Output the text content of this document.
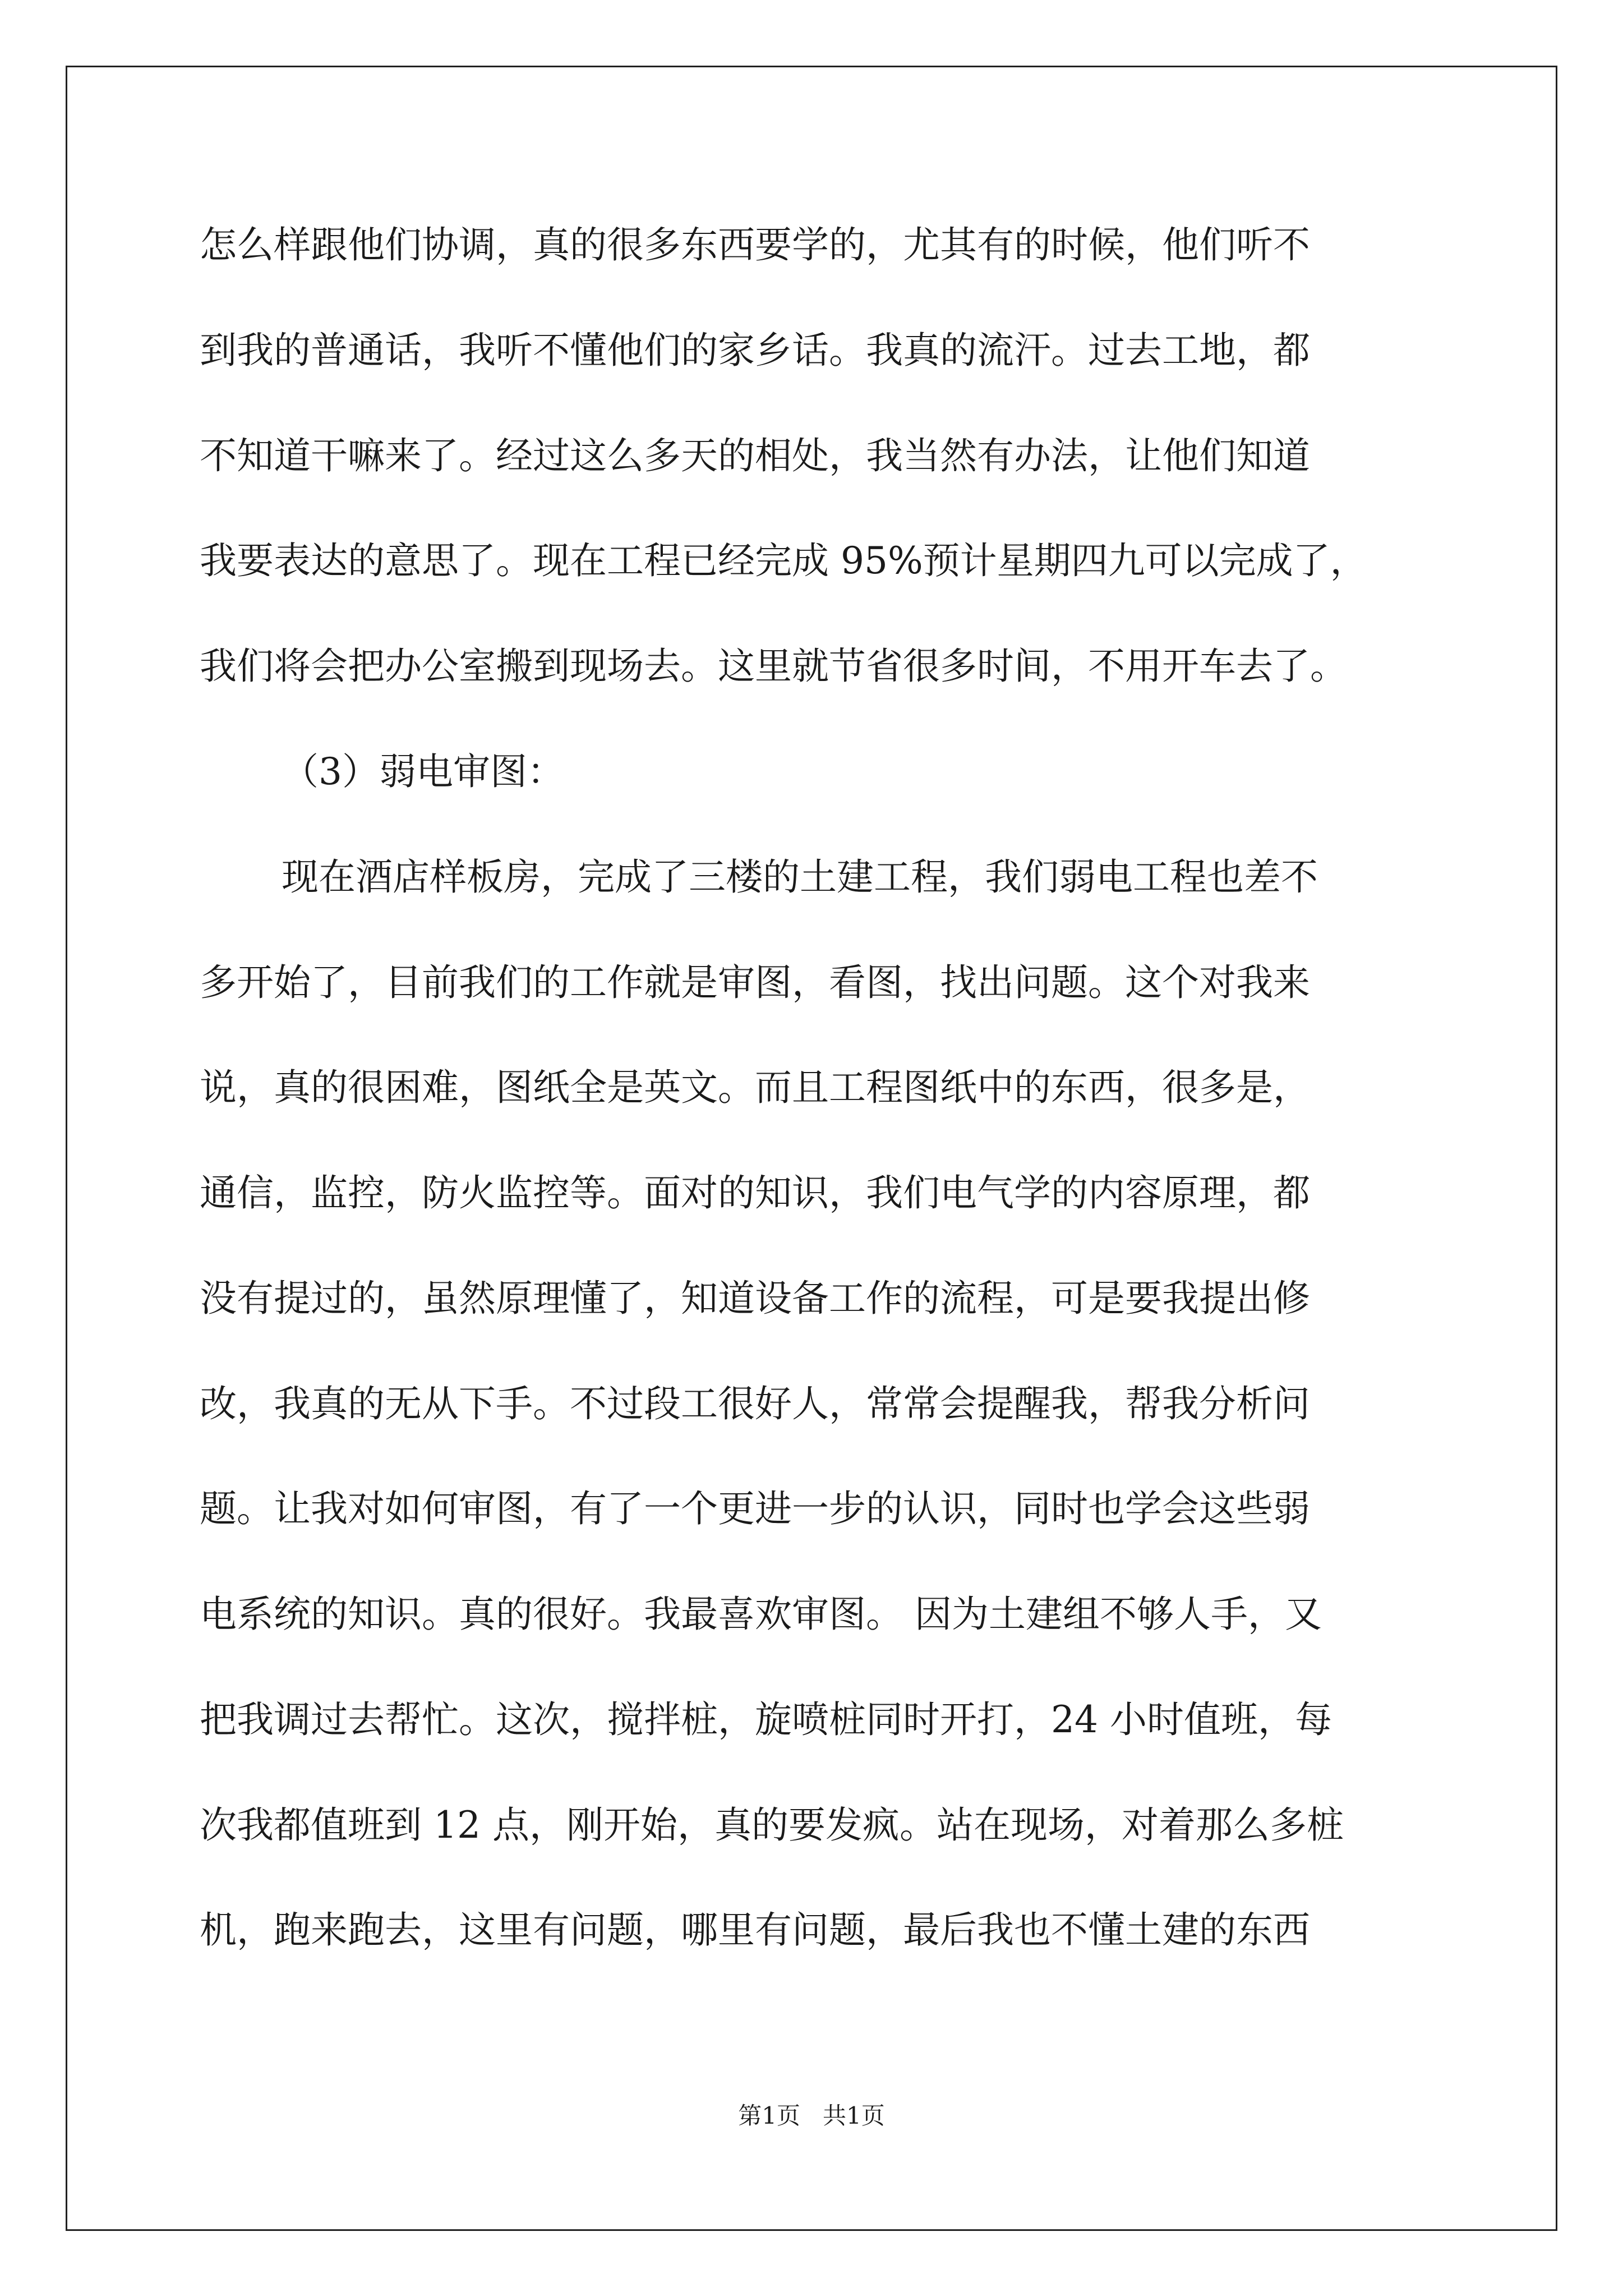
怎么样跟他们协调，真的很多东西要学的，尤其有的时候，他们听不
到我的普通话，我听不懂他们的家乡话。我真的流汗。过去工地，都
不知道干嘛来了。经过这么多天的相处，我当然有办法，让他们知道
我要表达的意思了。现在工程已经完成 95%预计星期四九可以完成了，
我们将会把办公室搬到现场去。这里就节省很多时间，不用开车去了。
（3）弱电审图：
现在酒店样板房，完成了三楼的土建工程，我们弱电工程也差不
多开始了，目前我们的工作就是审图，看图，找出问题。这个对我来
说，真的很困难，图纸全是英文。而且工程图纸中的东西，很多是，
通信，监控，防火监控等。面对的知识，我们电气学的内容原理，都
没有提过的，虽然原理懂了，知道设备工作的流程，可是要我提出修
改，我真的无从下手。不过段工很好人，常常会提醒我，帮我分析问
题。让我对如何审图，有了一个更进一步的认识，同时也学会这些弱
电系统的知识。真的很好。我最喜欢审图。 因为土建组不够人手，又
把我调过去帮忙。这次，搅拌桩，旋喷桩同时开打，24 小时值班，每
次我都值班到 12 点，刚开始，真的要发疯。站在现场，对着那么多桩
机，跑来跑去，这里有问题，哪里有问题，最后我也不懂土建的东西
第1页   共1页
